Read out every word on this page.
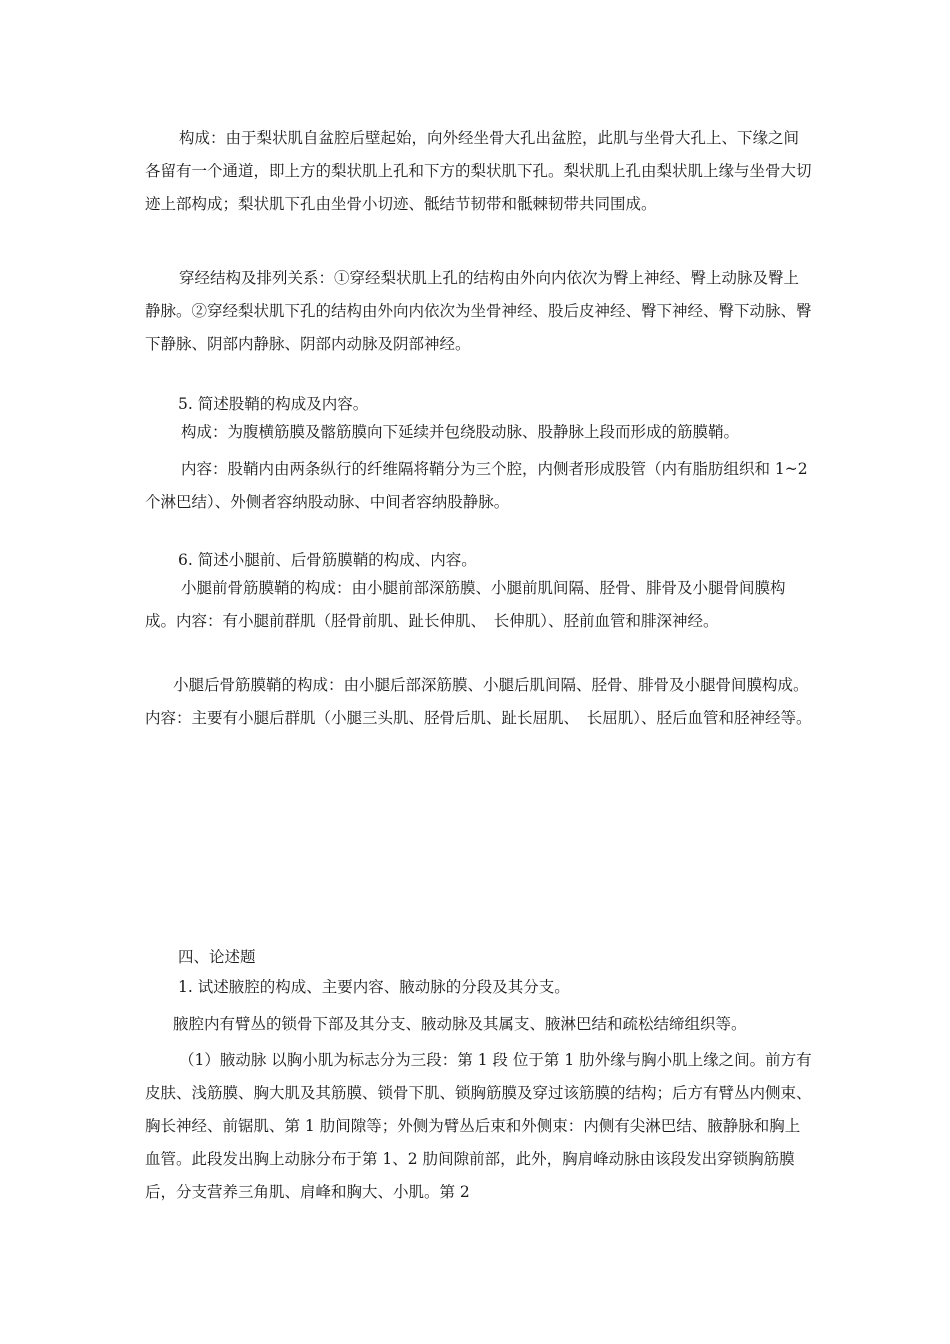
构成：由于梨状肌自盆腔后壁起始，向外经坐骨大孔出盆腔，此肌与坐骨大孔上、下缘之间各留有一个通道，即上方的梨状肌上孔和下方的梨状肌下孔。梨状肌上孔由梨状肌上缘与坐骨大切迹上部构成；梨状肌下孔由坐骨小切迹、骶结节韧带和骶棘韧带共同围成。

穿经结构及排列关系：①穿经梨状肌上孔的结构由外向内依次为臀上神经、臀上动脉及臀上静脉。②穿经梨状肌下孔的结构由外向内依次为坐骨神经、股后皮神经、臀下神经、臀下动脉、臀下静脉、阴部内静脉、阴部内动脉及阴部神经。

5. 简述股鞘的构成及内容。

构成：为腹横筋膜及髂筋膜向下延续并包绕股动脉、股静脉上段而形成的筋膜鞘。

内容：股鞘内由两条纵行的纤维隔将鞘分为三个腔，内侧者形成股管（内有脂肪组织和 1~2 个淋巴结）、外侧者容纳股动脉、中间者容纳股静脉。

6. 简述小腿前、后骨筋膜鞘的构成、内容。

小腿前骨筋膜鞘的构成：由小腿前部深筋膜、小腿前肌间隔、胫骨、腓骨及小腿骨间膜构成。内容：有小腿前群肌（胫骨前肌、趾长伸肌、　长伸肌）、胫前血管和腓深神经。

小腿后骨筋膜鞘的构成：由小腿后部深筋膜、小腿后肌间隔、胫骨、腓骨及小腿骨间膜构成。内容：主要有小腿后群肌（小腿三头肌、胫骨后肌、趾长屈肌、　长屈肌）、胫后血管和胫神经等。

四、论述题

1. 试述腋腔的构成、主要内容、腋动脉的分段及其分支。

腋腔内有臂丛的锁骨下部及其分支、腋动脉及其属支、腋淋巴结和疏松结缔组织等。

（1）腋动脉 以胸小肌为标志分为三段：第 1 段 位于第 1 肋外缘与胸小肌上缘之间。前方有皮肤、浅筋膜、胸大肌及其筋膜、锁骨下肌、锁胸筋膜及穿过该筋膜的结构；后方有臂丛内侧束、胸长神经、前锯肌、第 1 肋间隙等；外侧为臂丛后束和外侧束：内侧有尖淋巴结、腋静脉和胸上血管。此段发出胸上动脉分布于第 1、2 肋间隙前部，此外，胸肩峰动脉由该段发出穿锁胸筋膜后，分支营养三角肌、肩峰和胸大、小肌。第 2
